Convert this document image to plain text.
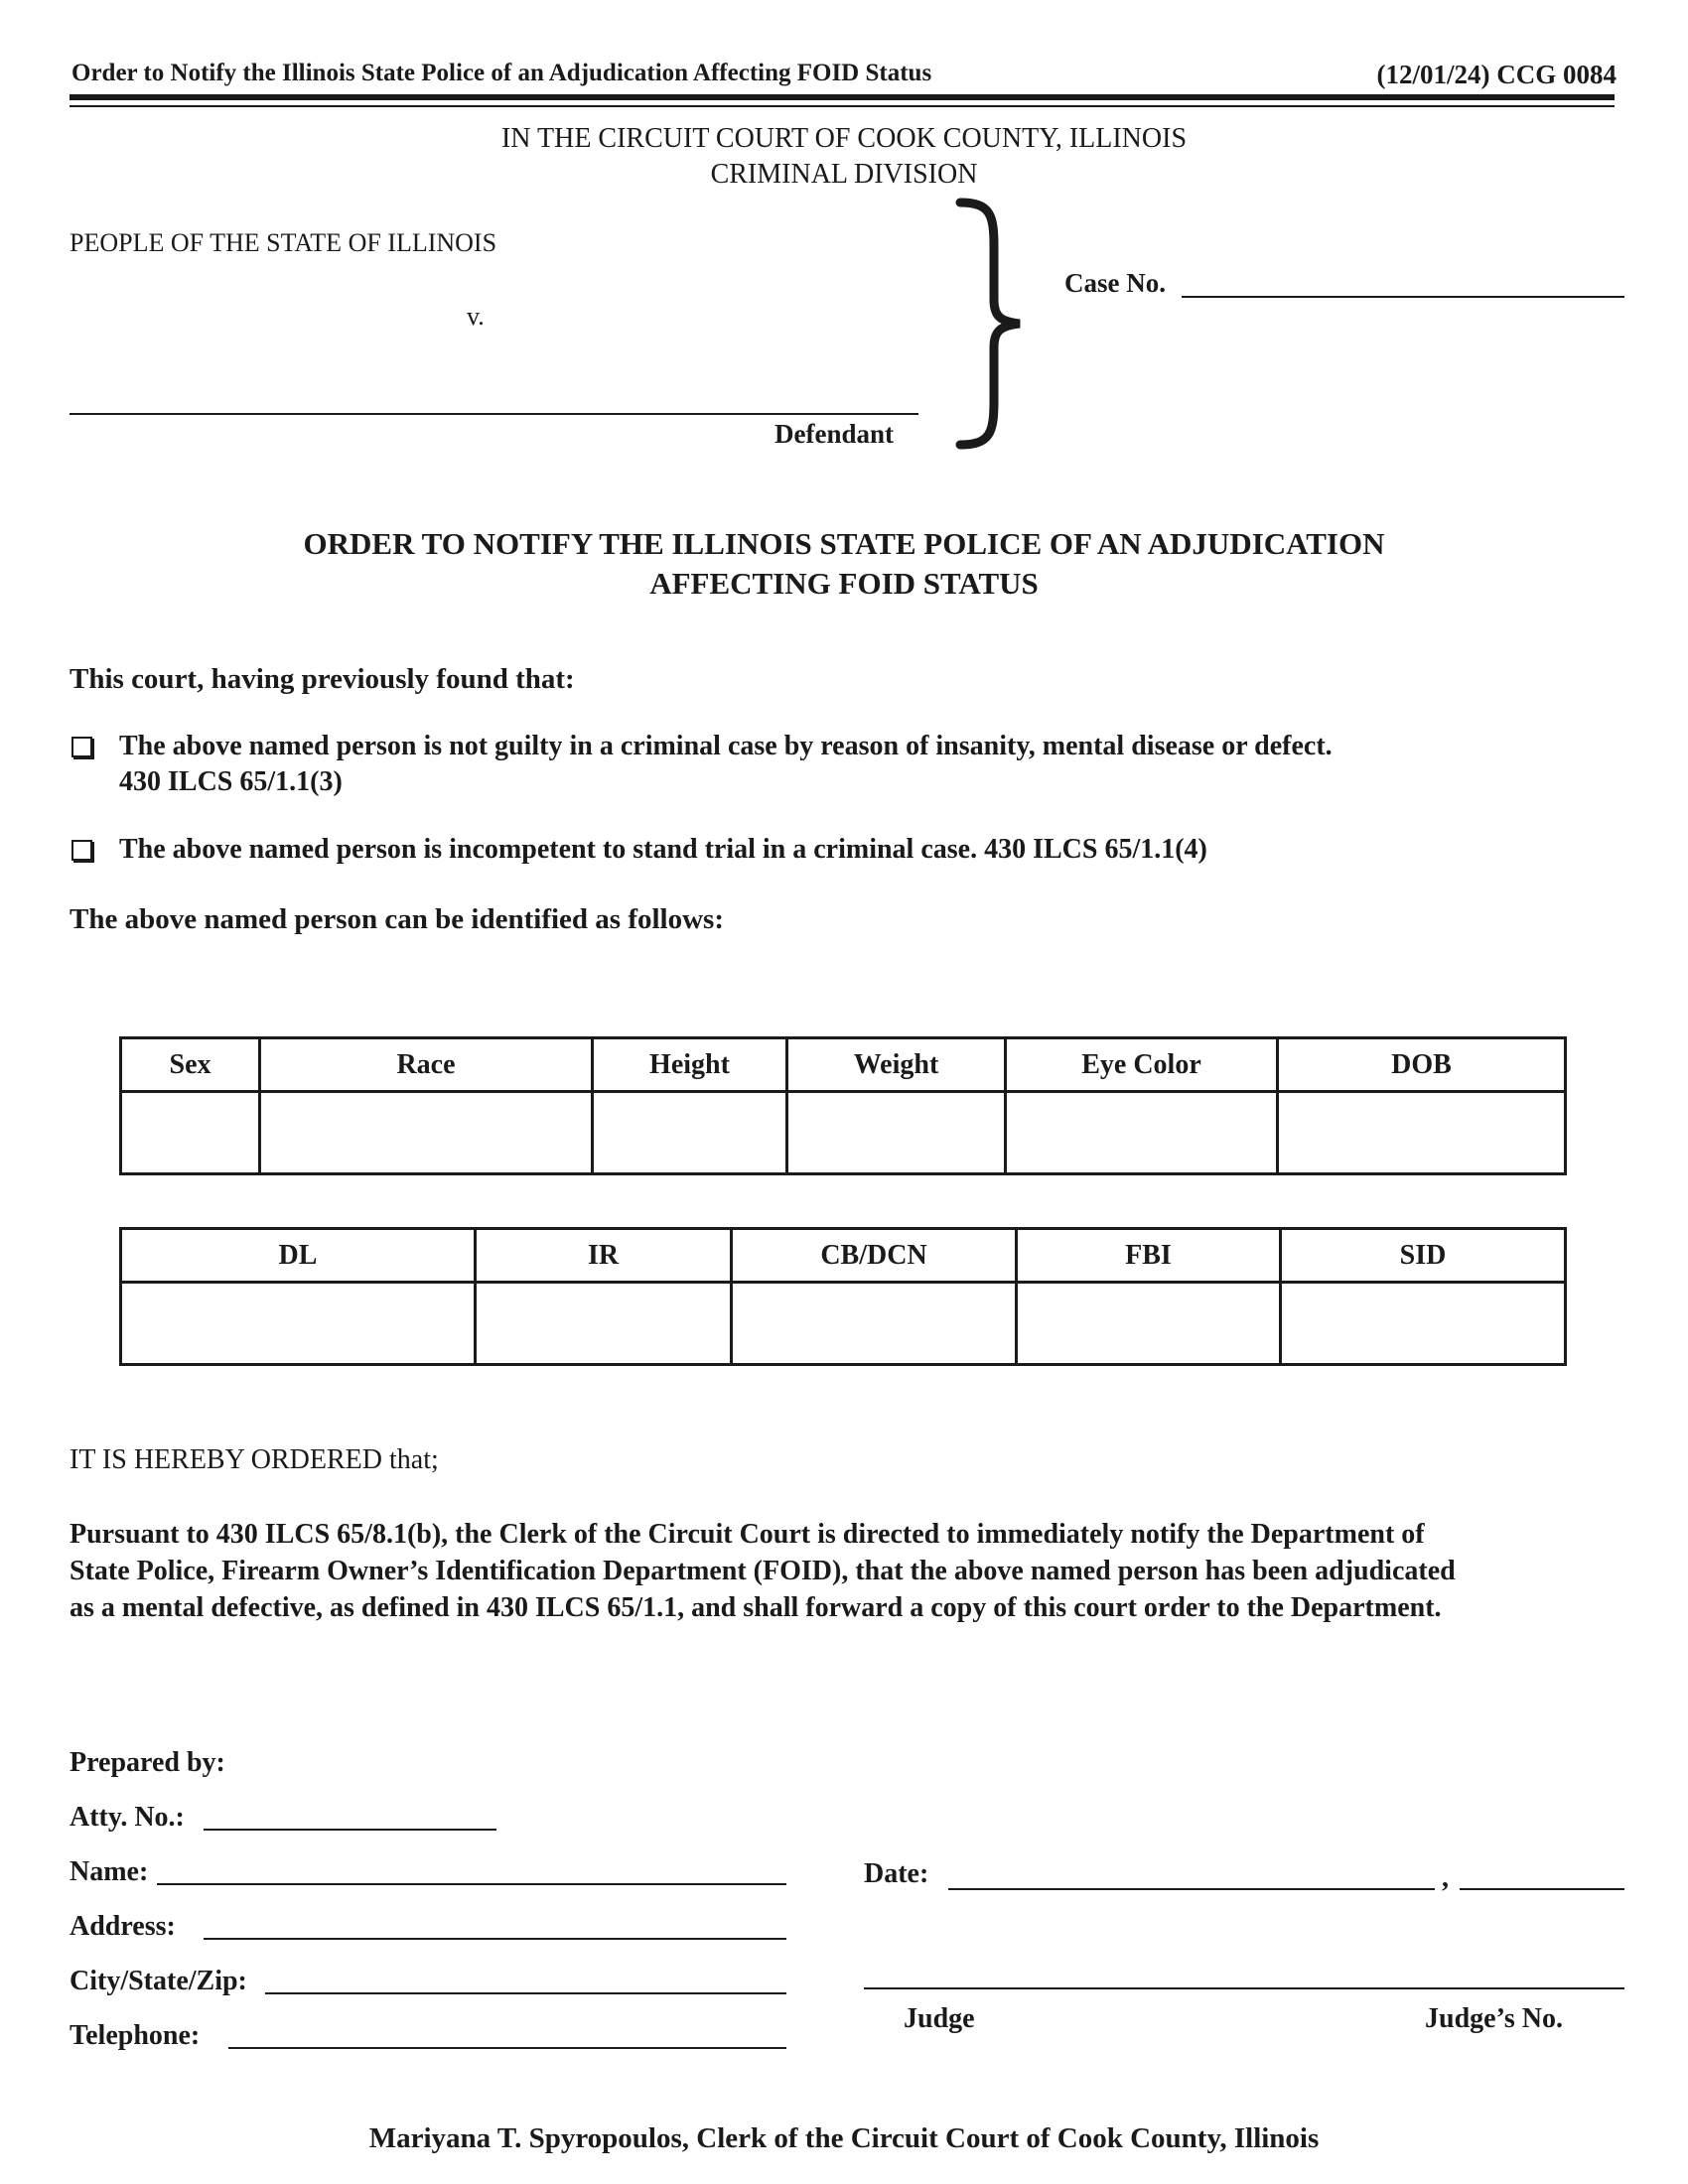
Order to Notify the Illinois State Police of an Adjudication Affecting FOID Status	(12/01/24) CCG 0084
IN THE CIRCUIT COURT OF COOK COUNTY, ILLINOIS
CRIMINAL DIVISION
PEOPLE OF THE STATE OF ILLINOIS
v.
Defendant
Case No.
ORDER TO NOTIFY THE ILLINOIS STATE POLICE OF AN ADJUDICATION
AFFECTING FOID STATUS
This court, having previously found that:
The above named person is not guilty in a criminal case by reason of insanity, mental disease or defect.
430 ILCS 65/1.1(3)
The above named person is incompetent to stand trial in a criminal case. 430 ILCS 65/1.1(4)
The above named person can be identified as follows:
Sex	Race	Height	Weight	Eye Color	DOB

DL	IR	CB/DCN	FBI	SID

IT IS HEREBY ORDERED that;
Pursuant to 430 ILCS 65/8.1(b), the Clerk of the Circuit Court is directed to immediately notify the Department of
State Police, Firearm Owner’s Identification Department (FOID), that the above named person has been adjudicated
as a mental defective, as defined in 430 ILCS 65/1.1, and shall forward a copy of this court order to the Department.
Prepared by:
Atty. No.:
Name:
Address:
City/State/Zip:
Telephone:
Date:	,
Judge	Judge’s No.
Mariyana T. Spyropoulos, Clerk of the Circuit Court of Cook County, Illinois
